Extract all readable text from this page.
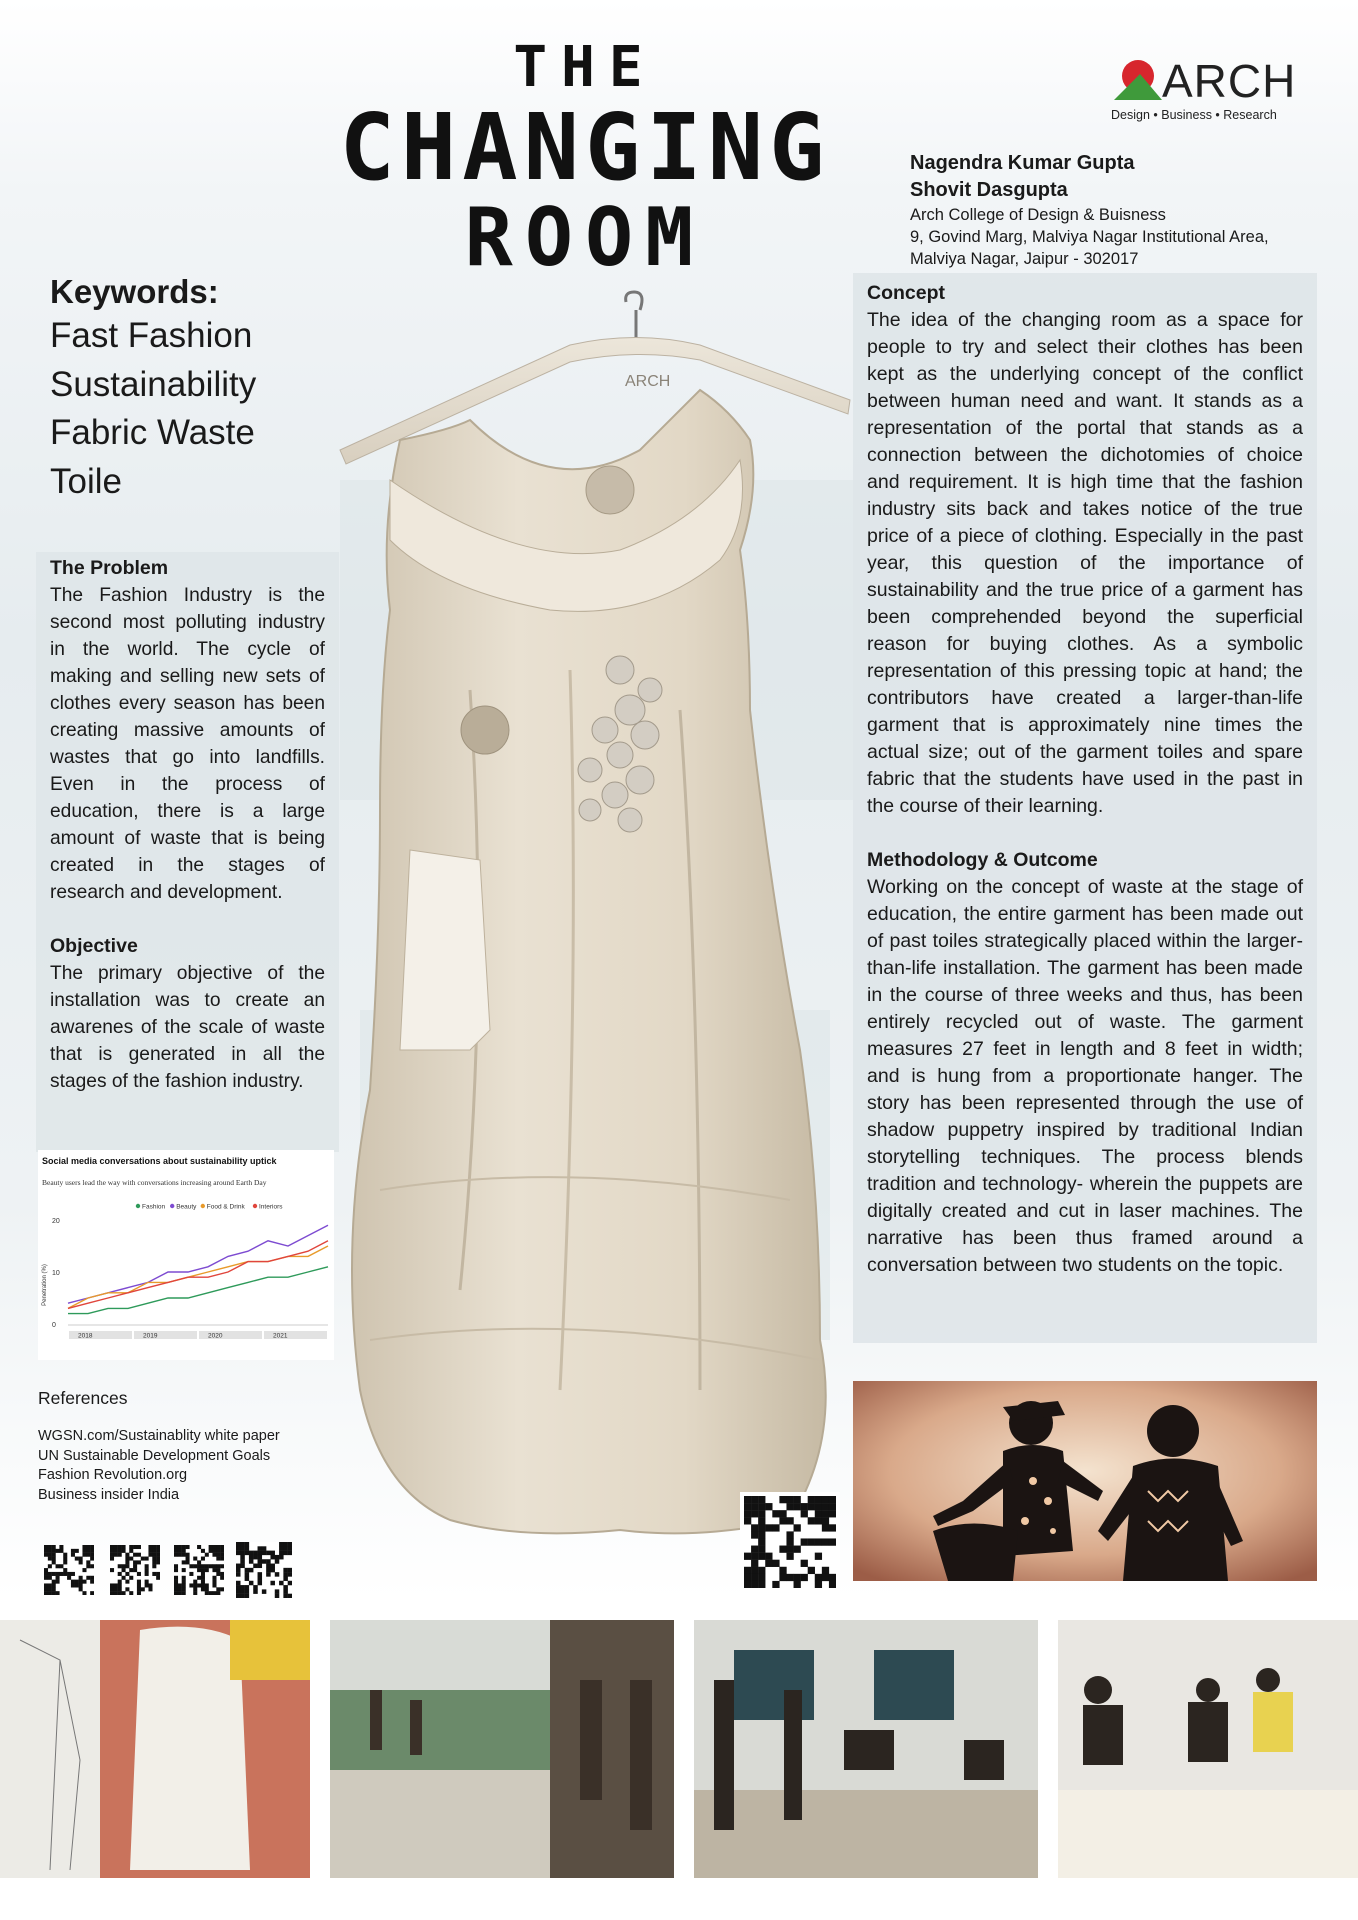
ARCH
THE
CHANGING
ROOM
ARCH
Design • Business • Research
Nagendra Kumar Gupta
Shovit Dasgupta
Arch College of Design & Buisness
9, Govind Marg, Malviya Nagar Institutional Area,
Malviya Nagar, Jaipur - 302017
Keywords:
Fast Fashion
Sustainability
Fabric Waste
Toile
The Problem

The Fashion Industry is the second most polluting industry in the world. The cycle of making and selling new sets of clothes every season has been creating massive amounts of wastes that go into landfills. Even in the process of education, there is a large amount of waste that is being created in the stages of research and development.

Objective

The primary objective of the installation was to create an awarenes of the scale of waste that is generated in all the stages of the fashion industry.

Social media conversations about sustainability uptick
Beauty users lead the way with conversations increasing around Earth Day
Fashion Beauty Food & Drink Interiors
0
10
20
Penetration (%)
2018	2019	2020	2021
References
WGSN.com/Sustainablity white paper
UN Sustainable Development Goals
Fashion Revolution.org
Business insider India
Concept

The idea of the changing room as a space for people to try and select their clothes has been kept as the underlying concept of the conflict between human need and want. It stands as a representation of the portal that stands as a connection between the dichotomies of choice and requirement. It is high time that the fashion industry sits back and takes notice of the true price of a piece of clothing. Especially in the past year, this question of the importance of sustainability and the true price of a garment has been comprehended beyond the superficial reason for buying clothes. As a symbolic representation of this pressing topic at hand; the contributors have created a larger-than-life garment that is approximately nine times the actual size; out of the garment toiles and spare fabric that the students have used in the past in the course of their learning.

Methodology & Outcome

Working on the concept of waste at the stage of education, the entire garment has been made out of past toiles strategically placed within the larger-than-life installation. The garment has been made in the course of three weeks and thus, has been entirely recycled out of waste. The garment measures 27 feet in length and 8 feet in width; and is hung from a proportionate hanger. The story has been represented through the use of shadow puppetry inspired by traditional Indian storytelling techniques. The process blends tradition and technology- wherein the puppets are digitally created and cut in laser machines. The narrative has been thus framed around a conversation between two students on the topic.
